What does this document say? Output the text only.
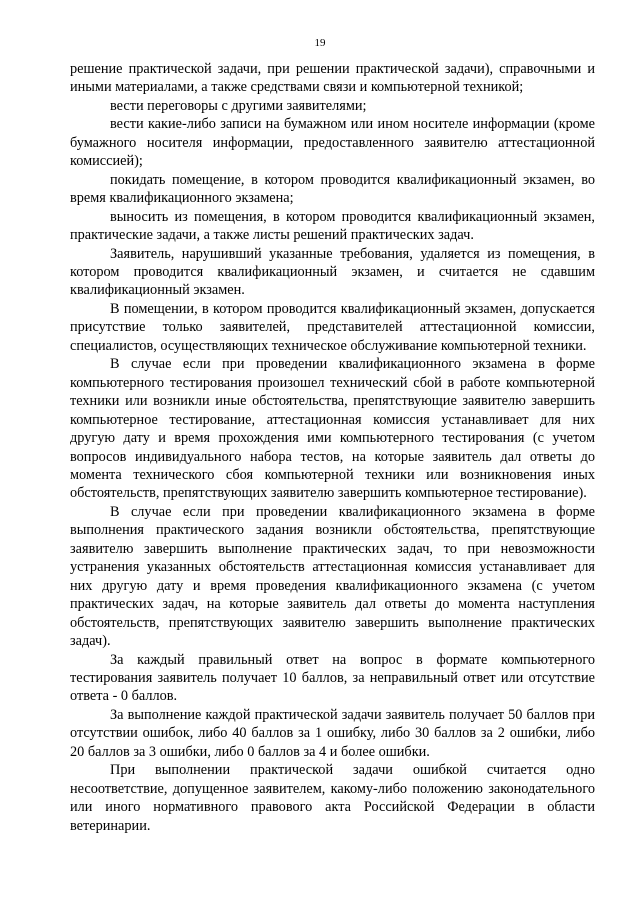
19

решение практической задачи, при решении практической задачи), справочными и иными материалами, а также средствами связи и компьютерной техникой;

вести переговоры с другими заявителями;

вести какие-либо записи на бумажном или ином носителе информации (кроме бумажного носителя информации, предоставленного заявителю аттестационной комиссией);

покидать помещение, в котором проводится квалификационный экзамен, во время квалификационного экзамена;

выносить из помещения, в котором проводится квалификационный экзамен, практические задачи, а также листы решений практических задач.

Заявитель, нарушивший указанные требования, удаляется из помещения, в котором проводится квалификационный экзамен, и считается не сдавшим квалификационный экзамен.

В помещении, в котором проводится квалификационный экзамен, допускается присутствие только заявителей, представителей аттестационной комиссии, специалистов, осуществляющих техническое обслуживание компьютерной техники.

В случае если при проведении квалификационного экзамена в форме компьютерного тестирования произошел технический сбой в работе компьютерной техники или возникли иные обстоятельства, препятствующие заявителю завершить компьютерное тестирование, аттестационная комиссия устанавливает для них другую дату и время прохождения ими компьютерного тестирования (с учетом вопросов индивидуального набора тестов, на которые заявитель дал ответы до момента технического сбоя компьютерной техники или возникновения иных обстоятельств, препятствующих заявителю завершить компьютерное тестирование).

В случае если при проведении квалификационного экзамена в форме выполнения практического задания возникли обстоятельства, препятствующие заявителю завершить выполнение практических задач, то при невозможности устранения указанных обстоятельств аттестационная комиссия устанавливает для них другую дату и время проведения квалификационного экзамена (с учетом практических задач, на которые заявитель дал ответы до момента наступления обстоятельств, препятствующих заявителю завершить выполнение практических задач).

За каждый правильный ответ на вопрос в формате компьютерного тестирования заявитель получает 10 баллов, за неправильный ответ или отсутствие ответа - 0 баллов.

За выполнение каждой практической задачи заявитель получает 50 баллов при отсутствии ошибок, либо 40 баллов за 1 ошибку, либо 30 баллов за 2 ошибки, либо 20 баллов за 3 ошибки, либо 0 баллов за 4 и более ошибки.

При выполнении практической задачи ошибкой считается одно несоответствие, допущенное заявителем, какому-либо положению законодательного или иного нормативного правового акта Российской Федерации в области ветеринарии.
